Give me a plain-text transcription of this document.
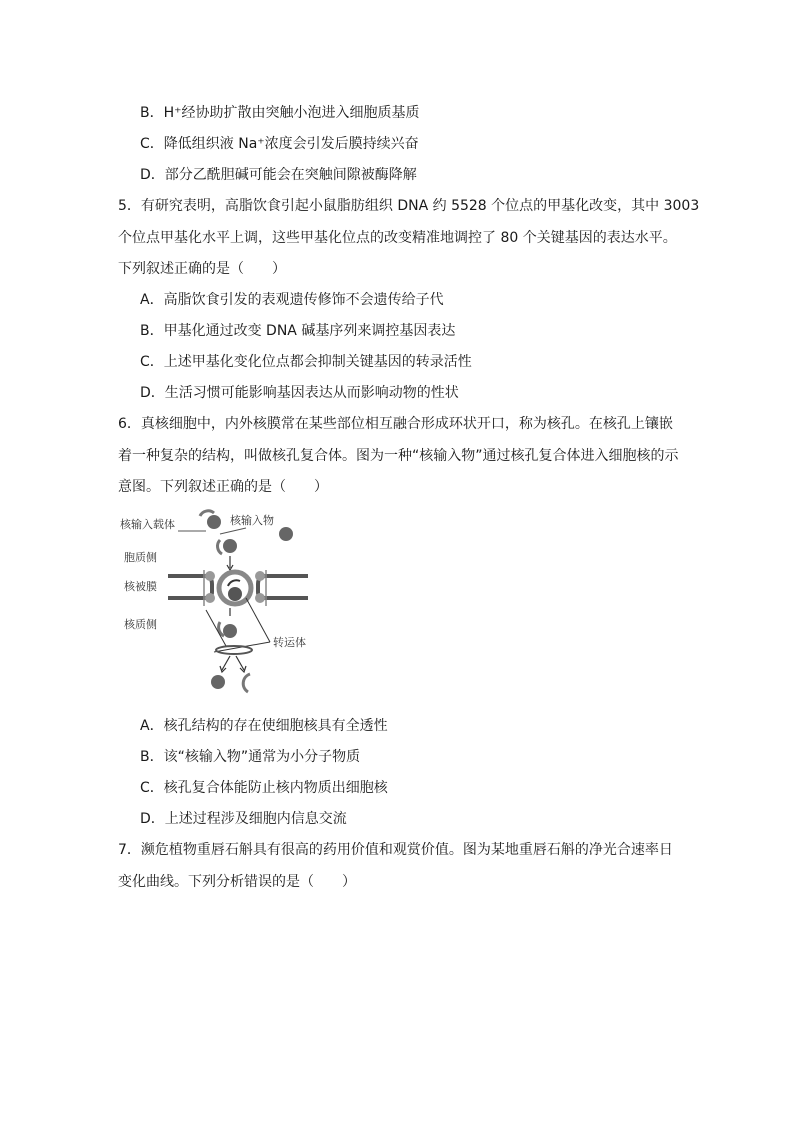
B．H⁺经协助扩散由突触小泡进入细胞质基质
C．降低组织液 Na⁺浓度会引发后膜持续兴奋
D．部分乙酰胆碱可能会在突触间隙被酶降解
5．有研究表明，高脂饮食引起小鼠脂肪组织 DNA 约 5528 个位点的甲基化改变，其中 3003
个位点甲基化水平上调，这些甲基化位点的改变精准地调控了 80 个关键基因的表达水平。
下列叙述正确的是（　　）
A．高脂饮食引发的表观遗传修饰不会遗传给子代
B．甲基化通过改变 DNA 碱基序列来调控基因表达
C．上述甲基化变化位点都会抑制关键基因的转录活性
D．生活习惯可能影响基因表达从而影响动物的性状
6．真核细胞中，内外核膜常在某些部位相互融合形成环状开口，称为核孔。在核孔上镶嵌
着一种复杂的结构，叫做核孔复合体。图为一种“核输入物”通过核孔复合体进入细胞核的示
意图。下列叙述正确的是（　　）
核输入载体	核输入物
胞质侧
核被膜
核质侧
转运体
A．核孔结构的存在使细胞核具有全透性
B．该“核输入物”通常为小分子物质
C．核孔复合体能防止核内物质出细胞核
D．上述过程涉及细胞内信息交流
7．濒危植物重唇石斛具有很高的药用价值和观赏价值。图为某地重唇石斛的净光合速率日
变化曲线。下列分析错误的是（　　）
